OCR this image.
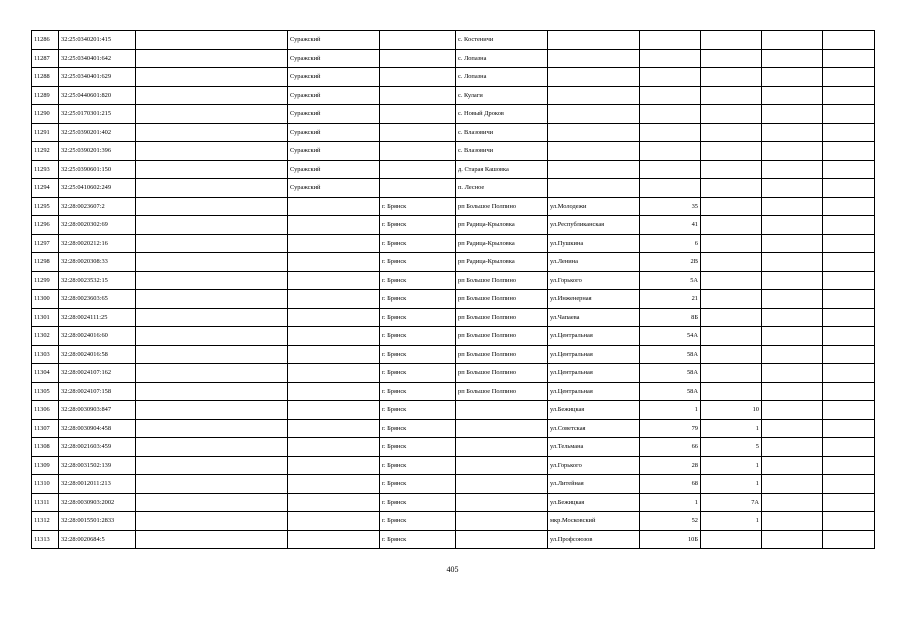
11286	32:25:0340201:415		Суражский		с. Костеничи					
11287	32:25:0340401:642		Суражский		с. Лопазна					
11288	32:25:0340401:629		Суражский		с. Лопазна					
11289	32:25:0440601:820		Суражский		с. Кулаги					
11290	32:25:0170301:215		Суражский		с. Новый Дроков					
11291	32:25:0390201:402		Суражский		с. Влазовичи					
11292	32:25:0390201:396		Суражский		с. Влазовичи					
11293	32:25:0390601:150		Суражский		д. Старая Кашовка					
11294	32:25:0410602:249		Суражский		п. Лесное					
11295	32:28:0023607:2			г. Брянск	рп Большое Полпино	ул.Молодежи	35			
11296	32:28:0020302:69			г. Брянск	рп Радица-Крыловка	ул.Республиканская	41			
11297	32:28:0020212:16			г. Брянск	рп Радица-Крыловка	ул.Пушкина	6			
11298	32:28:0020308:33			г. Брянск	рп Радица-Крыловка	ул.Ленина	2В			
11299	32:28:0023532:15			г. Брянск	рп Большое Полпино	ул.Горького	5А			
11300	32:28:0023603:65			г. Брянск	рп Большое Полпино	ул.Инженерная	21			
11301	32:28:0024111:25			г. Брянск	рп Большое Полпино	ул.Чапаева	8Б			
11302	32:28:0024016:60			г. Брянск	рп Большое Полпино	ул.Центральная	54А			
11303	32:28:0024016:58			г. Брянск	рп Большое Полпино	ул.Центральная	58А			
11304	32:28:0024107:162			г. Брянск	рп Большое Полпино	ул.Центральная	58А			
11305	32:28:0024107:158			г. Брянск	рп Большое Полпино	ул.Центральная	58А			
11306	32:28:0030903:847			г. Брянск		ул.Бежицкая	1	10		
11307	32:28:0030904:458			г. Брянск		ул.Советская	79	1		
11308	32:28:0021603:459			г. Брянск		ул.Тельмана	66	5		
11309	32:28:0031502:139			г. Брянск		ул.Горького	28	1		
11310	32:28:0012011:213			г. Брянск		ул.Литейная	68	1		
11311	32:28:0030903:2002			г. Брянск		ул.Бежицкая	1	7А		
11312	32:28:0015501:2833			г. Брянск		мкр.Московский	52	1		
11313	32:28:0020684:5			г. Брянск		ул.Профсоюзов	10Б			
405
